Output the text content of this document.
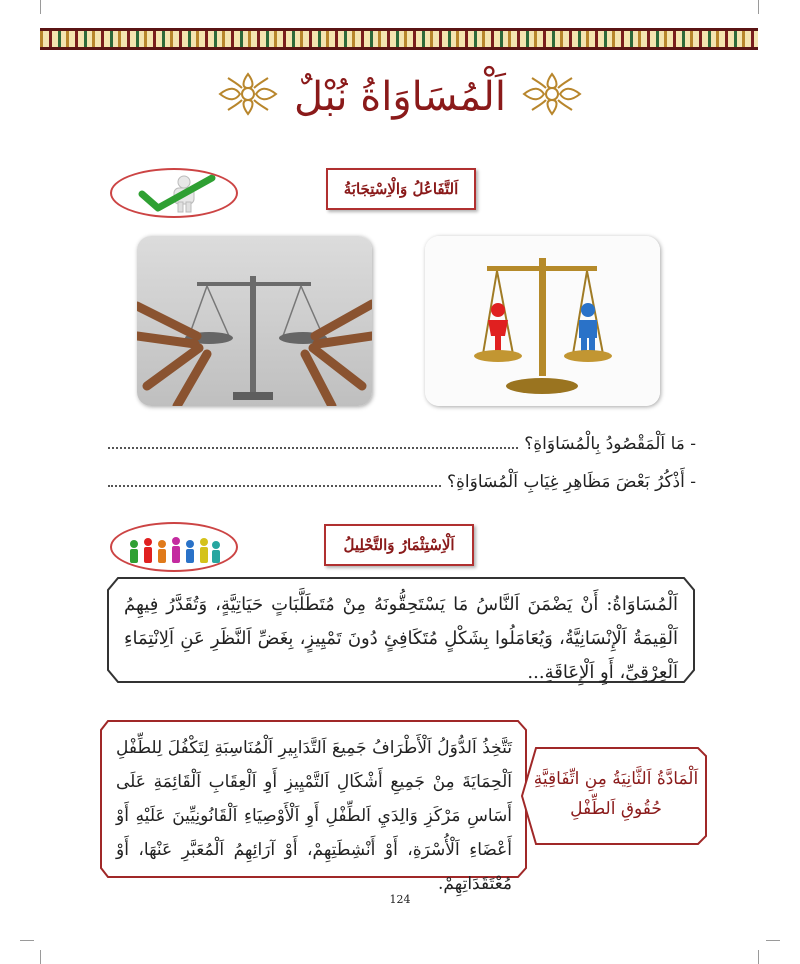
اَلْمُسَاوَاةُ نُبْلٌ
اَلتَّفَاعُلُ وَالْاِسْتِجَابَةُ
- مَا اَلْمَقْصُودُ بِالْمُسَاوَاةِ؟
- أَذْكُرُ بَعْضَ مَظَاهِرِ غِيَابِ اَلْمُسَاوَاةِ؟
اَلْاِسْتِثْمَارُ وَالتَّحْلِيلُ
اَلْمُسَاوَاةُ: أَنْ يَضْمَنَ اَلنَّاسُ مَا يَسْتَحِقُّونَهُ مِنْ مُتَطَلَّبَاتٍ حَيَاتِيَّةٍ، وَتُقَدَّرُ فِيهِمُ اَلْقِيمَةُ اَلْإِنْسَانِيَّةُ، وَيُعَامَلُوا بِشَكْلٍ مُتَكَافِئٍ دُونَ تَمْيِيزٍ، بِغَضِّ اَلنَّظَرِ عَنِ اَلِانْتِمَاءِ اَلْعِرْقِيِّ، أَوِ اَلْإِعَاقَةِ...
تَتَّخِذُ اَلدُّوَلُ اَلْأَطْرَافُ جَمِيعَ اَلتَّدَابِيرِ اَلْمُنَاسِبَةِ لِتَكْفُلَ لِلطِّفْلِ اَلْحِمَايَةَ مِنْ جَمِيعِ أَشْكَالِ اَلتَّمْيِيزِ أَوِ اَلْعِقَابِ اَلْقَائِمَةِ عَلَى أَسَاسِ مَرْكَزِ وَالِدَيِ اَلطِّفْلِ أَوِ اَلْأَوْصِيَاءِ اَلْقَانُونِيِّينَ عَلَيْهِ أَوْ أَعْضَاءِ اَلْأُسْرَةِ، أَوْ أَنْشِطَتِهِمْ، أَوْ آرَائِهِمُ اَلْمُعَبَّرِ عَنْهَا، أَوْ مُعْتَقَدَاتِهِمْ.
اَلْمَادَّةُ اَلثَّانِيَةُ مِنِ اتِّفَاقِيَّةِ حُقُوقِ اَلطِّفْلِ
124
